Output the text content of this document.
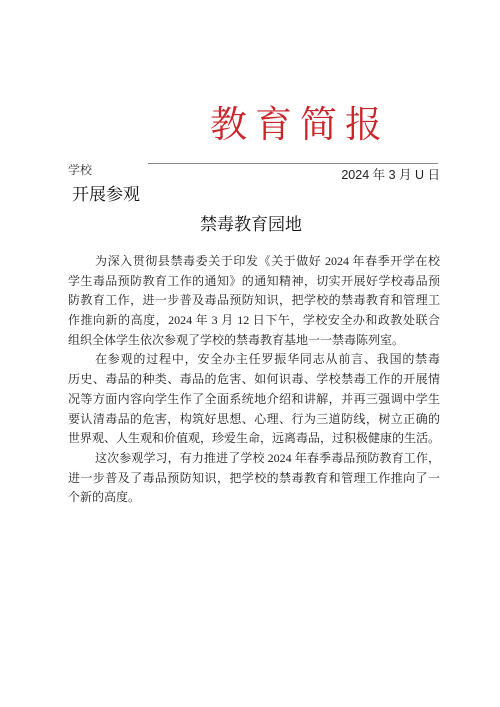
教育简报
学校	2024 年 3 月 U 日
开展参观
禁毒教育园地
为深入贯彻县禁毒委关于印发《关于做好 2024 年春季开学在校
学生毒品预防教育工作的通知》的通知精神，切实开展好学校毒品预
防教育工作，进一步普及毒品预防知识，把学校的禁毒教育和管理工
作推向新的高度，2024 年 3 月 12 日下午，学校安全办和政教处联合
组织全体学生依次参观了学校的禁毒教育基地一一禁毒陈列室。
在参观的过程中，安全办主任罗振华同志从前言、我国的禁毒
历史、毒品的种类、毒品的危害、如何识毒、学校禁毒工作的开展情
况等方面内容向学生作了全面系统地介绍和讲解，并再三强调中学生
要认清毒品的危害，构筑好思想、心理、行为三道防线，树立正确的
世界观、人生观和价值观，珍爱生命，远离毒品，过积极健康的生活。
这次参观学习，有力推进了学校 2024 年春季毒品预防教育工作，
进一步普及了毒品预防知识，把学校的禁毒教育和管理工作推向了一
个新的高度。
